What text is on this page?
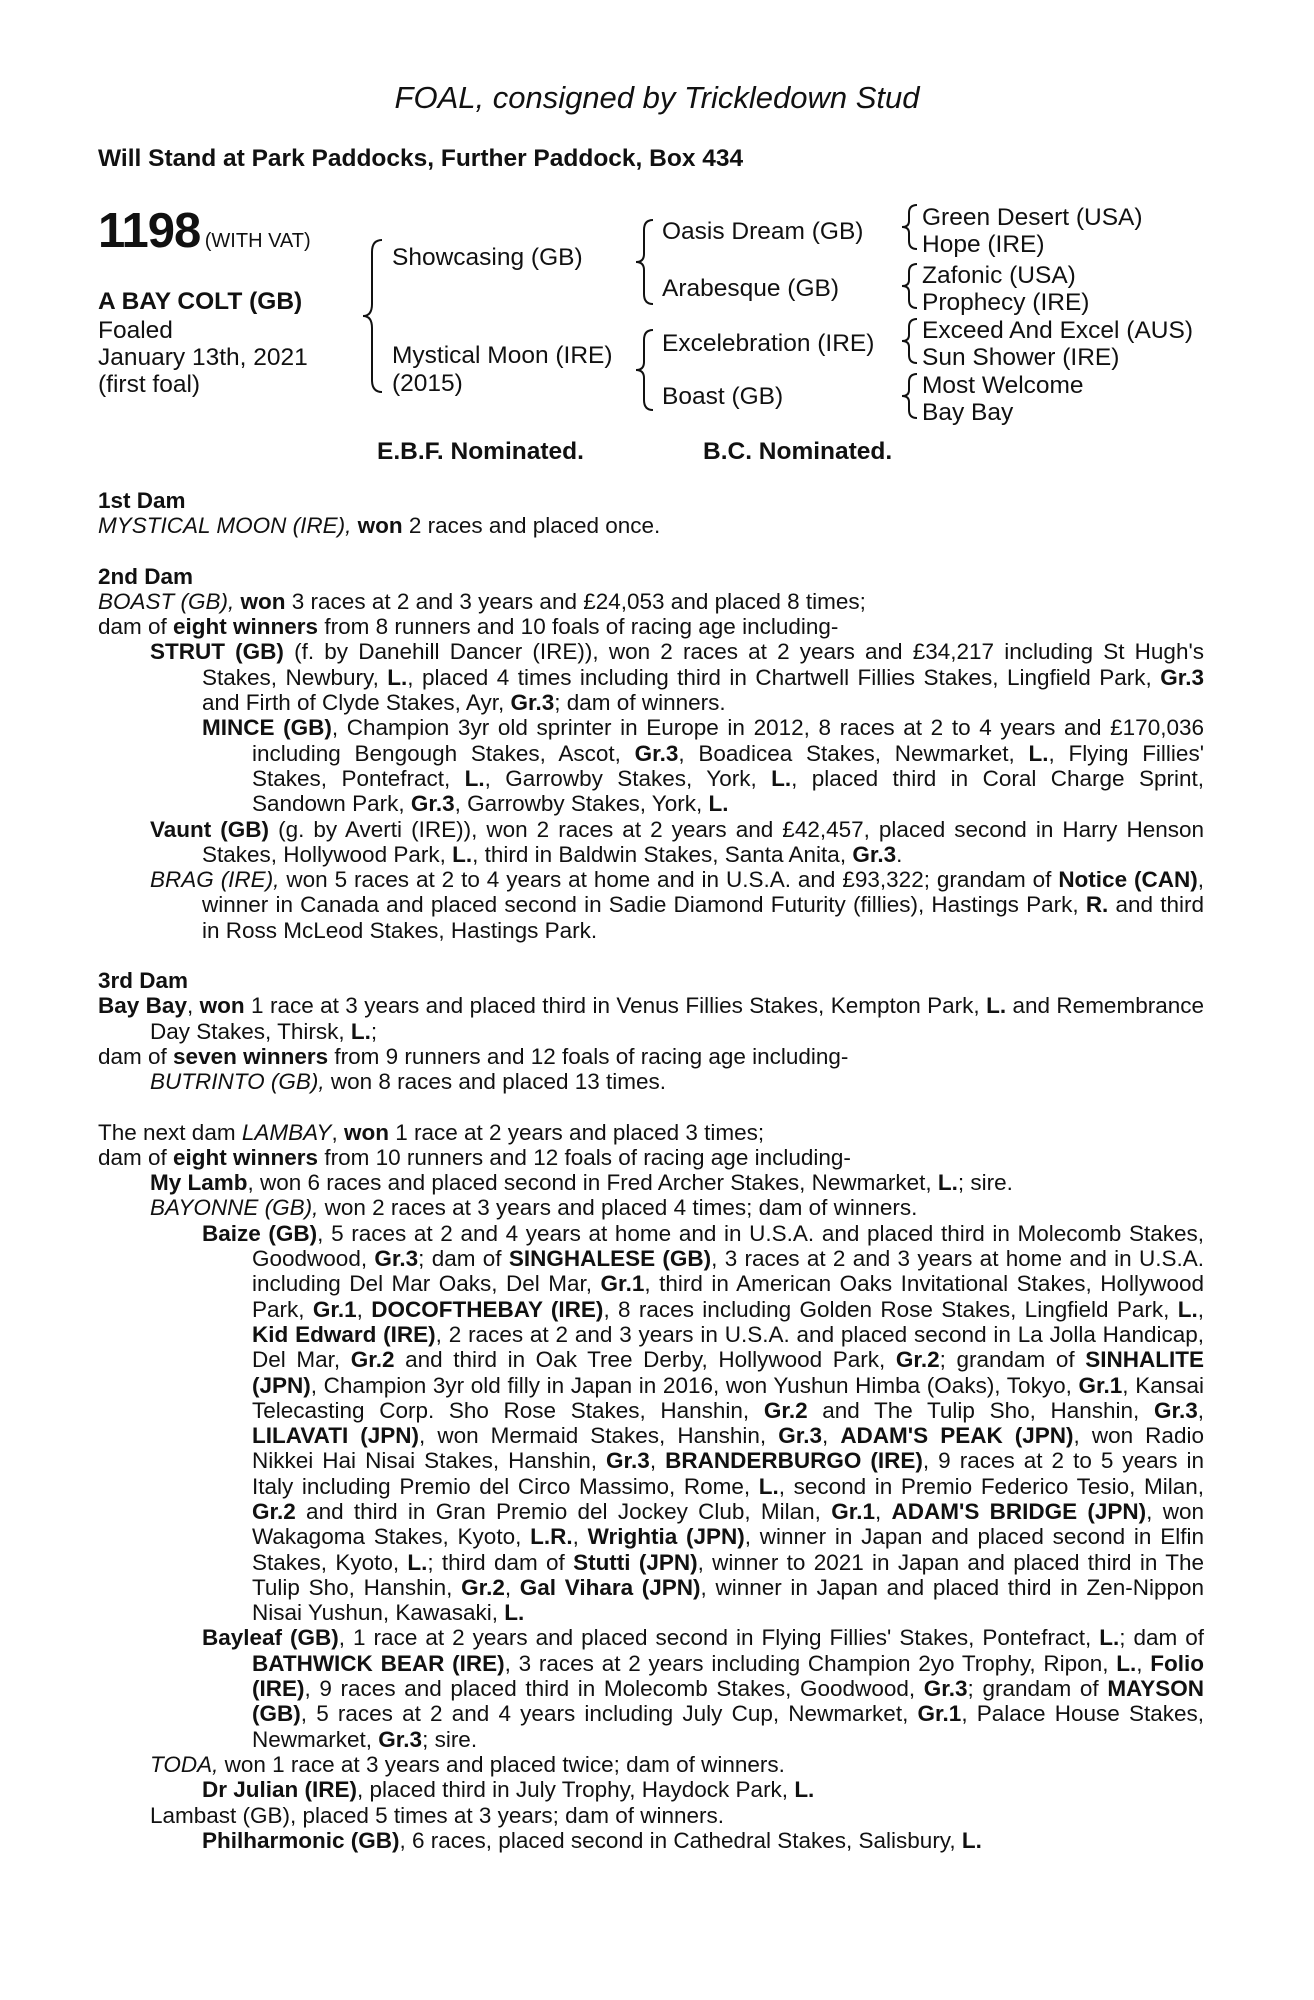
FOAL, consigned by Trickledown Stud
Will Stand at Park Paddocks, Further Paddock, Box 434
1198 (WITH VAT)
A BAY COLT (GB)
Foaled
January 13th, 2021
(first foal)
Showcasing (GB)
Mystical Moon (IRE)
(2015)
Oasis Dream (GB)
Arabesque (GB)
Excelebration (IRE)
Boast (GB)
Green Desert (USA)
Hope (IRE)
Zafonic (USA)
Prophecy (IRE)
Exceed And Excel (AUS)
Sun Shower (IRE)
Most Welcome
Bay Bay
E.B.F. Nominated.	B.C. Nominated.

1st Dam

MYSTICAL MOON (IRE), won 2 races and placed once.

2nd Dam

BOAST (GB), won 3 races at 2 and 3 years and £24,053 and placed 8 times;

dam of eight winners from 8 runners and 10 foals of racing age including-

STRUT (GB) (f. by Danehill Dancer (IRE)), won 2 races at 2 years and £34,217 including St Hugh's Stakes, Newbury, L., placed 4 times including third in Chartwell Fillies Stakes, Lingfield Park, Gr.3 and Firth of Clyde Stakes, Ayr, Gr.3; dam of winners.

MINCE (GB), Champion 3yr old sprinter in Europe in 2012, 8 races at 2 to 4 years and £170,036 including Bengough Stakes, Ascot, Gr.3, Boadicea Stakes, Newmarket, L., Flying Fillies' Stakes, Pontefract, L., Garrowby Stakes, York, L., placed third in Coral Charge Sprint, Sandown Park, Gr.3, Garrowby Stakes, York, L.

Vaunt (GB) (g. by Averti (IRE)), won 2 races at 2 years and £42,457, placed second in Harry Henson Stakes, Hollywood Park, L., third in Baldwin Stakes, Santa Anita, Gr.3.

BRAG (IRE), won 5 races at 2 to 4 years at home and in U.S.A. and £93,322; grandam of Notice (CAN), winner in Canada and placed second in Sadie Diamond Futurity (fillies), Hastings Park, R. and third in Ross McLeod Stakes, Hastings Park.

3rd Dam

Bay Bay, won 1 race at 3 years and placed third in Venus Fillies Stakes, Kempton Park, L. and Remembrance Day Stakes, Thirsk, L.;

dam of seven winners from 9 runners and 12 foals of racing age including-

BUTRINTO (GB), won 8 races and placed 13 times.

The next dam LAMBAY, won 1 race at 2 years and placed 3 times;

dam of eight winners from 10 runners and 12 foals of racing age including-

My Lamb, won 6 races and placed second in Fred Archer Stakes, Newmarket, L.; sire.

BAYONNE (GB), won 2 races at 3 years and placed 4 times; dam of winners.

Baize (GB), 5 races at 2 and 4 years at home and in U.S.A. and placed third in Molecomb Stakes, Goodwood, Gr.3; dam of SINGHALESE (GB), 3 races at 2 and 3 years at home and in U.S.A. including Del Mar Oaks, Del Mar, Gr.1, third in American Oaks Invitational Stakes, Hollywood Park, Gr.1, DOCOFTHEBAY (IRE), 8 races including Golden Rose Stakes, Lingfield Park, L., Kid Edward (IRE), 2 races at 2 and 3 years in U.S.A. and placed second in La Jolla Handicap, Del Mar, Gr.2 and third in Oak Tree Derby, Hollywood Park, Gr.2; grandam of SINHALITE (JPN), Champion 3yr old filly in Japan in 2016, won Yushun Himba (Oaks), Tokyo, Gr.1, Kansai Telecasting Corp. Sho Rose Stakes, Hanshin, Gr.2 and The Tulip Sho, Hanshin, Gr.3, LILAVATI (JPN), won Mermaid Stakes, Hanshin, Gr.3, ADAM'S PEAK (JPN), won Radio Nikkei Hai Nisai Stakes, Hanshin, Gr.3, BRANDERBURGO (IRE), 9 races at 2 to 5 years in Italy including Premio del Circo Massimo, Rome, L., second in Premio Federico Tesio, Milan, Gr.2 and third in Gran Premio del Jockey Club, Milan, Gr.1, ADAM'S BRIDGE (JPN), won Wakagoma Stakes, Kyoto, L.R., Wrightia (JPN), winner in Japan and placed second in Elfin Stakes, Kyoto, L.; third dam of Stutti (JPN), winner to 2021 in Japan and placed third in The Tulip Sho, Hanshin, Gr.2, Gal Vihara (JPN), winner in Japan and placed third in Zen-Nippon Nisai Yushun, Kawasaki, L.

Bayleaf (GB), 1 race at 2 years and placed second in Flying Fillies' Stakes, Pontefract, L.; dam of BATHWICK BEAR (IRE), 3 races at 2 years including Champion 2yo Trophy, Ripon, L., Folio (IRE), 9 races and placed third in Molecomb Stakes, Goodwood, Gr.3; grandam of MAYSON (GB), 5 races at 2 and 4 years including July Cup, Newmarket, Gr.1, Palace House Stakes, Newmarket, Gr.3; sire.

TODA, won 1 race at 3 years and placed twice; dam of winners.

Dr Julian (IRE), placed third in July Trophy, Haydock Park, L.

Lambast (GB), placed 5 times at 3 years; dam of winners.

Philharmonic (GB), 6 races, placed second in Cathedral Stakes, Salisbury, L.
